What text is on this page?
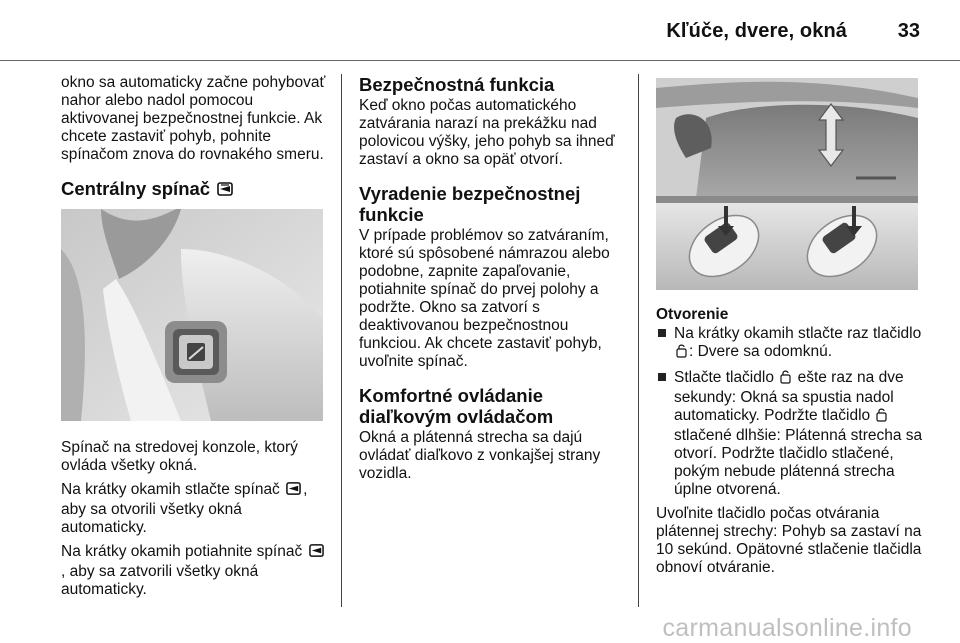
Kľúče, dvere, okná	33

okno sa automaticky začne pohybovať nahor alebo nadol pomocou aktivovanej bezpečnostnej funkcie. Ak chcete zastaviť pohyb, pohnite spínačom znova do rovnakého smeru.

Centrálny spínač

Spínač na stredovej konzole, ktorý ovláda všetky okná.

Na krátky okamih stlačte spínač , aby sa otvorili všetky okná automaticky.

Na krátky okamih potiahnite spínač , aby sa zatvorili všetky okná automaticky.

Bezpečnostná funkcia

Keď okno počas automatického zatvárania narazí na prekážku nad polovicou výšky, jeho pohyb sa ihneď zastaví a okno sa opäť otvorí.

Vyradenie bezpečnostnej funkcie

V prípade problémov so zatváraním, ktoré sú spôsobené námrazou alebo podobne, zapnite zapaľovanie, potiahnite spínač do prvej polohy a podržte. Okno sa zatvorí s deaktivovanou bezpečnostnou funkciou. Ak chcete zastaviť pohyb, uvoľnite spínač.

Komfortné ovládanie diaľkovým ovládačom

Okná a plátenná strecha sa dajú ovládať diaľkovo z vonkajšej strany vozidla.

Otvorenie
Na krátky okamih stlačte raz tlačidlo : Dvere sa odomknú.
Stlačte tlačidlo ešte raz na dve sekundy: Okná sa spustia nadol automaticky. Podržte tlačidlo  stlačené dlhšie: Plátenná strecha sa otvorí. Podržte tlačidlo stlačené, pokým nebude plátenná strecha úplne otvorená.

Uvoľnite tlačidlo počas otvárania plátennej strechy: Pohyb sa zastaví na 10 sekúnd. Opätovné stlačenie tlačidla obnoví otváranie.

carmanualsonline.info
